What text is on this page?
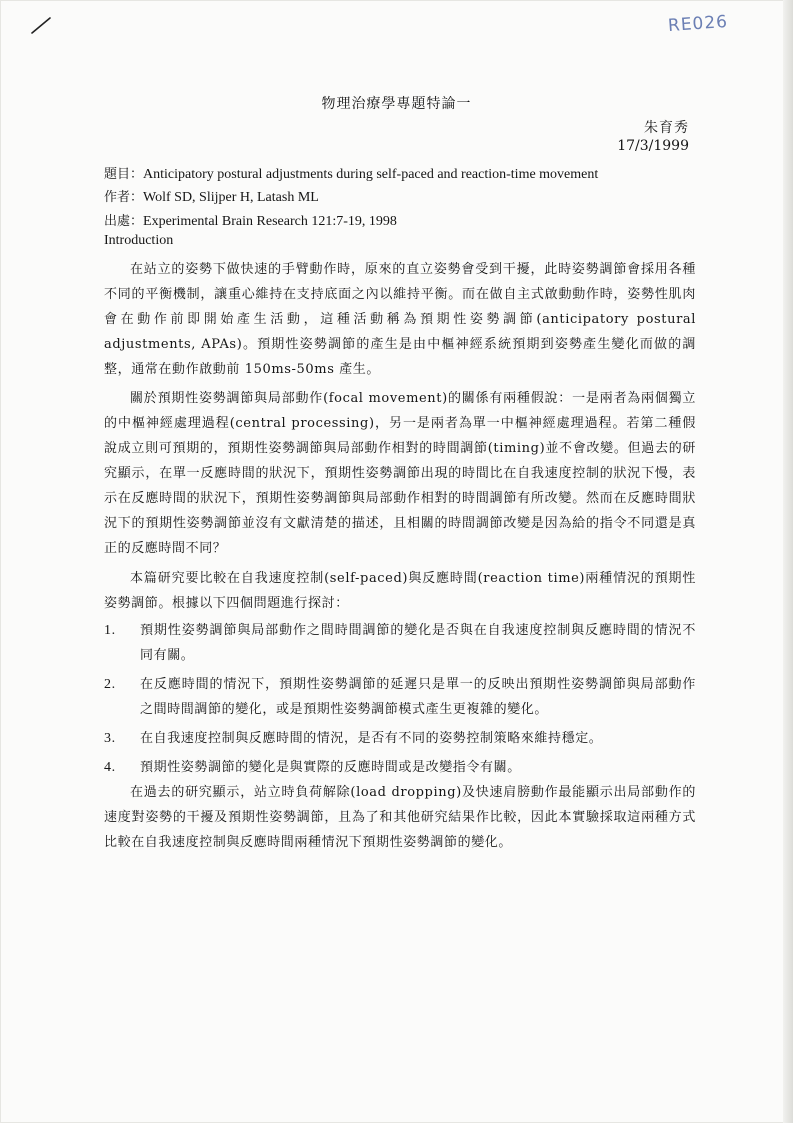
RE026
物理治療學專題特論一
朱育秀
17/3/1999
題目：Anticipatory postural adjustments during self-paced and reaction-time movement
作者：Wolf SD, Slijper H, Latash ML
出處：Experimental Brain Research 121:7-19, 1998
Introduction

在站立的姿勢下做快速的手臂動作時，原來的直立姿勢會受到干擾，此時姿勢調節會採用各種不同的平衡機制，讓重心維持在支持底面之內以維持平衡。而在做自主式啟動動作時，姿勢性肌肉會在動作前即開始產生活動，這種活動稱為預期性姿勢調節(anticipatory postural adjustments, APAs)。預期性姿勢調節的產生是由中樞神經系統預期到姿勢產生變化而做的調整，通常在動作啟動前 150ms-50ms 產生。

關於預期性姿勢調節與局部動作(focal movement)的關係有兩種假說：一是兩者為兩個獨立的中樞神經處理過程(central processing)，另一是兩者為單一中樞神經處理過程。若第二種假說成立則可預期的，預期性姿勢調節與局部動作相對的時間調節(timing)並不會改變。但過去的研究顯示，在單一反應時間的狀況下，預期性姿勢調節出現的時間比在自我速度控制的狀況下慢，表示在反應時間的狀況下，預期性姿勢調節與局部動作相對的時間調節有所改變。然而在反應時間狀況下的預期性姿勢調節並沒有文獻清楚的描述，且相關的時間調節改變是因為給的指令不同還是真正的反應時間不同？

本篇研究要比較在自我速度控制(self-paced)與反應時間(reaction time)兩種情況的預期性姿勢調節。根據以下四個問題進行探討：

1.	預期性姿勢調節與局部動作之間時間調節的變化是否與在自我速度控制與反應時間的情況不同有關。
2.	在反應時間的情況下，預期性姿勢調節的延遲只是單一的反映出預期性姿勢調節與局部動作之間時間調節的變化，或是預期性姿勢調節模式產生更複雜的變化。
3.	在自我速度控制與反應時間的情況，是否有不同的姿勢控制策略來維持穩定。
4.	預期性姿勢調節的變化是與實際的反應時間或是改變指令有關。

在過去的研究顯示，站立時負荷解除(load dropping)及快速肩膀動作最能顯示出局部動作的速度對姿勢的干擾及預期性姿勢調節，且為了和其他研究結果作比較，因此本實驗採取這兩種方式比較在自我速度控制與反應時間兩種情況下預期性姿勢調節的變化。
